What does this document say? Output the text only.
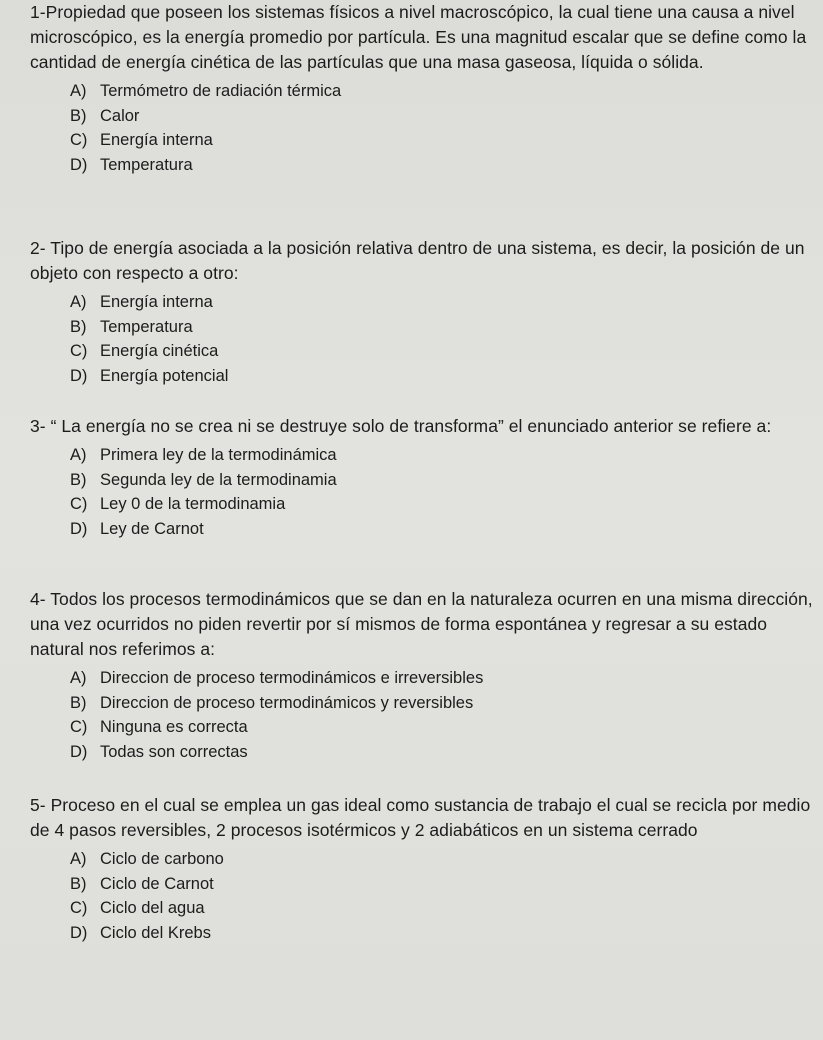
1-Propiedad que poseen los sistemas físicos a nivel macroscópico, la cual tiene una causa a nivel microscópico, es la energía promedio por partícula. Es una magnitud escalar que se define como la cantidad de energía cinética de las partículas que una masa gaseosa, líquida o sólida.

A) Termómetro de radiación térmica
B) Calor
C) Energía interna
D) Temperatura

2- Tipo de energía asociada a la posición relativa dentro de una sistema, es decir, la posición de un objeto con respecto a otro:

A) Energía interna
B) Temperatura
C) Energía cinética
D) Energía potencial

3- “ La energía no se crea ni se destruye solo de transforma” el enunciado anterior se refiere a:

A) Primera ley de la termodinámica
B) Segunda ley de la termodinamia
C) Ley 0 de la termodinamia
D) Ley de Carnot

4- Todos los procesos termodinámicos que se dan en la naturaleza ocurren en una misma dirección, una vez ocurridos no piden revertir por sí mismos de forma espontánea y regresar a su estado natural nos referimos a:

A) Direccion de proceso termodinámicos e irreversibles
B) Direccion de proceso termodinámicos y reversibles
C) Ninguna es correcta
D) Todas son correctas

5- Proceso en el cual se emplea un gas ideal como sustancia de trabajo el cual se recicla por medio de 4 pasos reversibles, 2 procesos isotérmicos y 2 adiabáticos en un sistema cerrado

A) Ciclo de carbono
B) Ciclo de Carnot
C) Ciclo del agua
D) Ciclo del Krebs
